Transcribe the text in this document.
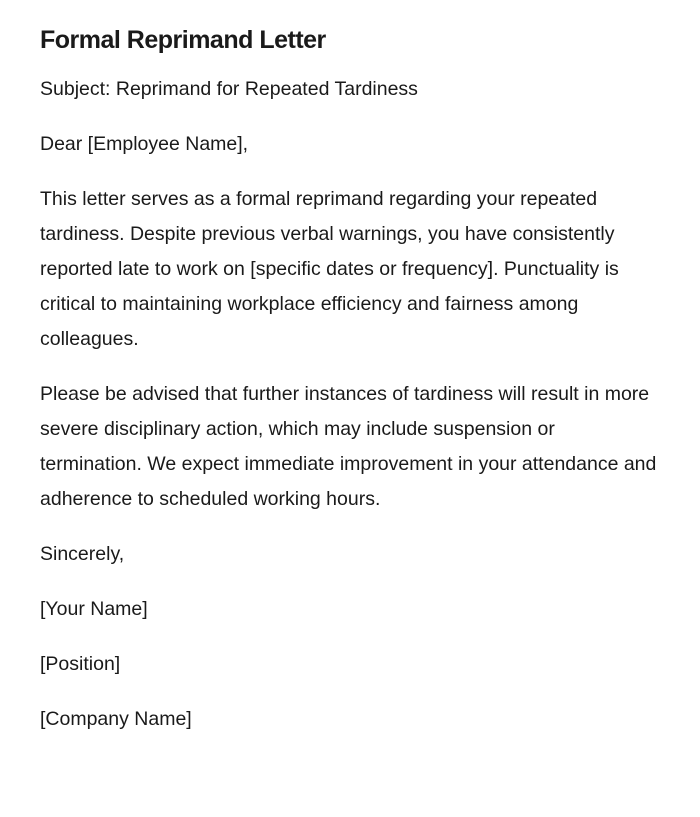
Formal Reprimand Letter

Subject: Reprimand for Repeated Tardiness

Dear [Employee Name],

This letter serves as a formal reprimand regarding your repeated tardiness. Despite previous verbal warnings, you have consistently reported late to work on [specific dates or frequency]. Punctuality is critical to maintaining workplace efficiency and fairness among colleagues.

Please be advised that further instances of tardiness will result in more severe disciplinary action, which may include suspension or termination. We expect immediate improvement in your attendance and adherence to scheduled working hours.

Sincerely,

[Your Name]

[Position]

[Company Name]
